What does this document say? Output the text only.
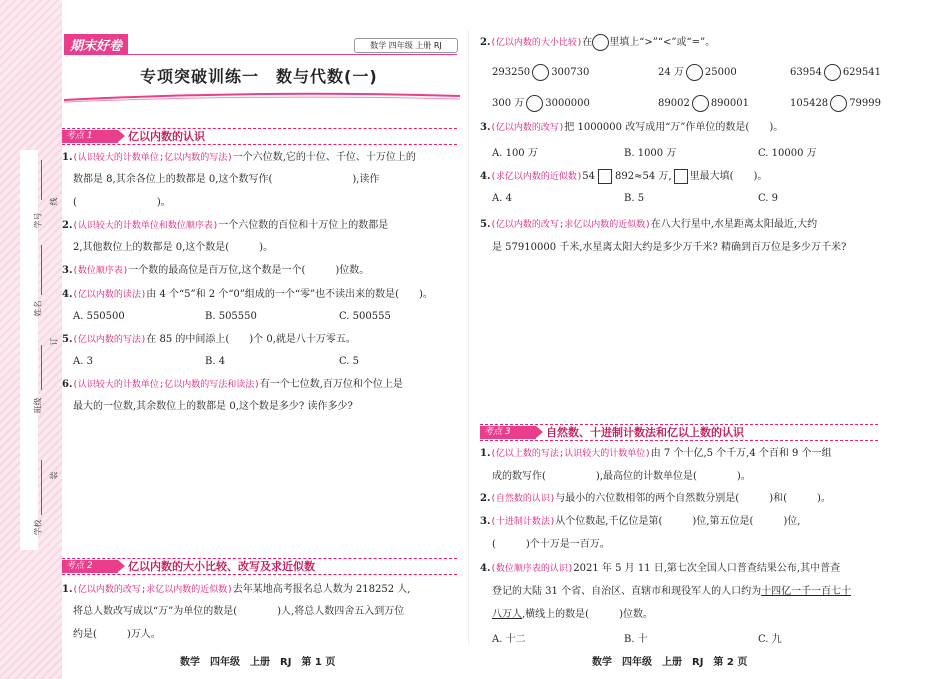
学号
姓名
班级
学校
线
订
装
期末好卷	数学 四年级 上册 RJ
专项突破训练一　数与代数(一)
考点 1	亿以内数的认识
1.(认识较大的计数单位;亿以内数的写法)一个六位数,它的十位、千位、十万位上的
数都是 8,其余各位上的数都是 0,这个数写作(　　　　　　　　),读作
(　　　　　　　　)。
2.(认识较大的计数单位和数位顺序表)一个六位数的百位和十万位上的数都是
2,其他数位上的数都是 0,这个数是(　　　)。
3.(数位顺序表)一个数的最高位是百万位,这个数是一个(　　　)位数。
4.(亿以内数的读法)由 4 个“5”和 2 个“0”组成的一个“零”也不读出来的数是(　　)。
A. 550500	B. 505550	C. 500555
5.(亿以内数的写法)在 85 的中间添上(　　)个 0,就是八十万零五。
A. 3	B. 4	C. 5
6.(认识较大的计数单位;亿以内数的写法和读法)有一个七位数,百万位和个位上是
最大的一位数,其余数位上的数都是 0,这个数是多少? 读作多少?
考点 2	亿以内数的大小比较、改写及求近似数
1.(亿以内数的改写;求亿以内数的近似数)去年某地高考报名总人数为 218252 人,
将总人数改写成以“万”为单位的数是(　　　　)人,将总人数四舍五入到万位
约是(　　　)万人。
2.(亿以内数的大小比较)在 里填上“>”“<”或“=”。
293250 300730	24 万 25000	63954 629541
300 万 3000000	89002 890001	105428 79999
3.(亿以内数的改写)把 1000000 改写成用“万”作单位的数是(　　)。
A. 100 万	B. 1000 万	C. 10000 万
4.(求亿以内数的近似数)54 892≈54 万, 里最大填(　　)。
A. 4	B. 5	C. 9
5.(亿以内数的改写;求亿以内数的近似数)在八大行星中,水星距离太阳最近,大约
是 57910000 千米,水星离太阳大约是多少万千米? 精确到百万位是多少万千米?
考点 3	自然数、十进制计数法和亿以上数的认识
1.(亿以上数的写法;认识较大的计数单位)由 7 个十亿,5 个千万,4 个百和 9 个一组
成的数写作(　　　　　),最高位的计数单位是(　　　　)。
2.(自然数的认识)与最小的六位数相邻的两个自然数分别是(　　　)和(　　　)。
3.(十进制计数法)从个位数起,千亿位是第(　　　)位,第五位是(　　　)位,
(　　　)个十万是一百万。
4.(数位顺序表的认识)2021 年 5 月 11 日,第七次全国人口普查结果公布,其中普查
登记的大陆 31 个省、自治区、直辖市和现役军人的人口约为十四亿一千一百七十
八万人,横线上的数是(　　　)位数。
A. 十二	B. 十	C. 九
数学　四年级　上册　RJ　第 1 页	数学　四年级　上册　RJ　第 2 页
